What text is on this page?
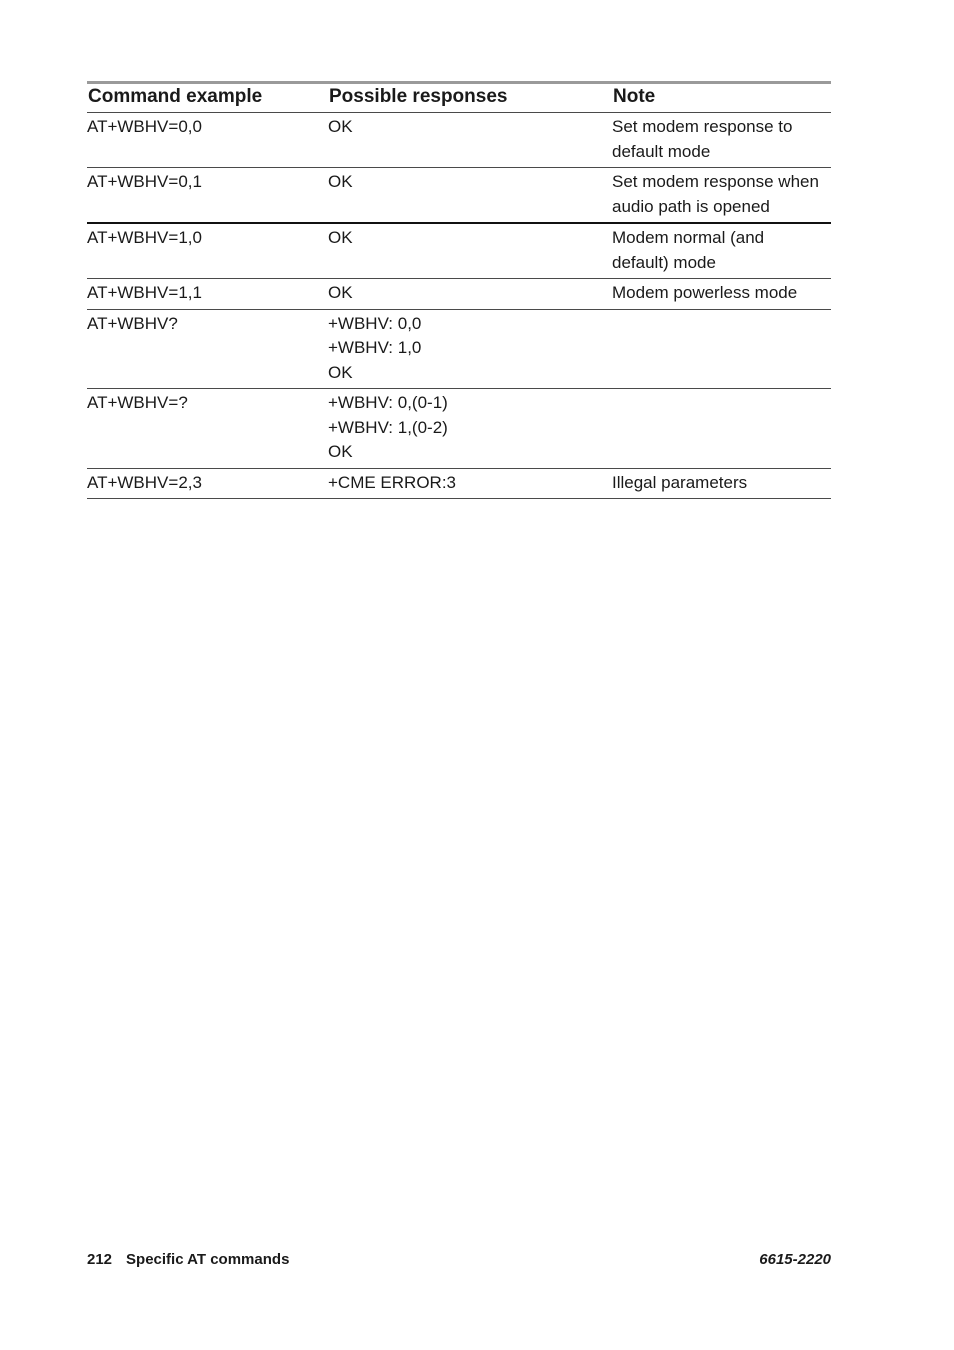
Command example	Possible responses	Note

AT+WBHV=0,0	OK	Set modem response to
default mode

AT+WBHV=0,1	OK	Set modem response when
audio path is opened

AT+WBHV=1,0	OK	Modem normal (and
default) mode

AT+WBHV=1,1	OK	Modem powerless mode

AT+WBHV?	+WBHV: 0,0
+WBHV: 1,0
OK	

AT+WBHV=?	+WBHV: 0,(0-1)
+WBHV: 1,(0-2)
OK	

AT+WBHV=2,3	+CME ERROR:3	Illegal parameters
212 Specific AT commands	6615-2220
